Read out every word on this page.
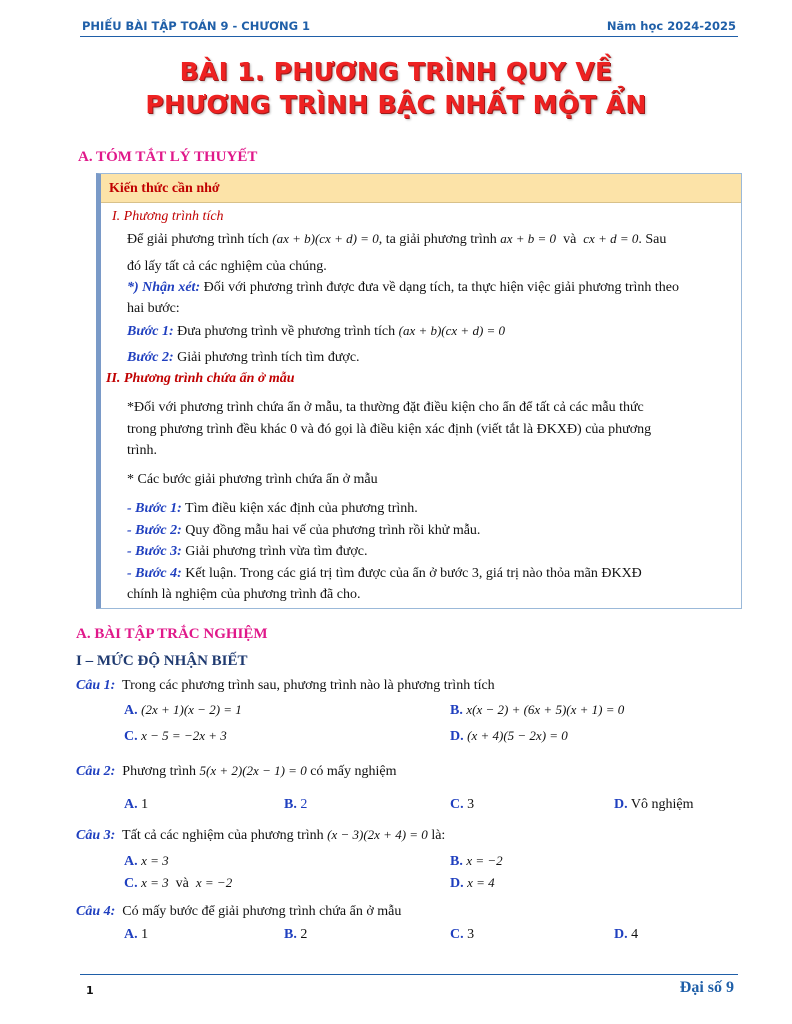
PHIẾU BÀI TẬP TOÁN 9 - CHƯƠNG 1	Năm học 2024-2025
BÀI 1. PHƯƠNG TRÌNH QUY VỀ
PHƯƠNG TRÌNH BẬC NHẤT MỘT ẨN
A. TÓM TẮT LÝ THUYẾT
Kiến thức cần nhớ
I. Phương trình tích
Để giải phương trình tích (ax + b)(cx + d) = 0, ta giải phương trình ax + b = 0 và cx + d = 0. Sau
đó lấy tất cả các nghiệm của chúng.
*) Nhận xét: Đối với phương trình được đưa về dạng tích, ta thực hiện việc giải phương trình theo
hai bước:
Bước 1: Đưa phương trình về phương trình tích (ax + b)(cx + d) = 0
Bước 2: Giải phương trình tích tìm được.
II. Phương trình chứa ẩn ở mẫu
*Đối với phương trình chứa ẩn ở mẫu, ta thường đặt điều kiện cho ẩn để tất cả các mẫu thức
trong phương trình đều khác 0 và đó gọi là điều kiện xác định (viết tắt là ĐKXĐ) của phương
trình.
* Các bước giải phương trình chứa ẩn ở mẫu
- Bước 1: Tìm điều kiện xác định của phương trình.
- Bước 2: Quy đồng mẫu hai vế của phương trình rồi khử mẫu.
- Bước 3: Giải phương trình vừa tìm được.
- Bước 4: Kết luận. Trong các giá trị tìm được của ẩn ở bước 3, giá trị nào thỏa mãn ĐKXĐ
chính là nghiệm của phương trình đã cho.
A. BÀI TẬP TRẮC NGHIỆM
I – MỨC ĐỘ NHẬN BIẾT
Câu 1: Trong các phương trình sau, phương trình nào là phương trình tích
A. (2x + 1)(x − 2) = 1	B. x(x − 2) + (6x + 5)(x + 1) = 0
C. x − 5 = −2x + 3	D. (x + 4)(5 − 2x) = 0
Câu 2: Phương trình 5(x + 2)(2x − 1) = 0 có mấy nghiệm
A. 1	B. 2	C. 3	D. Vô nghiệm
Câu 3: Tất cả các nghiệm của phương trình (x − 3)(2x + 4) = 0 là:
A. x = 3	B. x = −2
C. x = 3 và x = −2	D. x = 4
Câu 4: Có mấy bước để giải phương trình chứa ẩn ở mẫu
A. 1	B. 2	C. 3	D. 4
1	Đại số 9
